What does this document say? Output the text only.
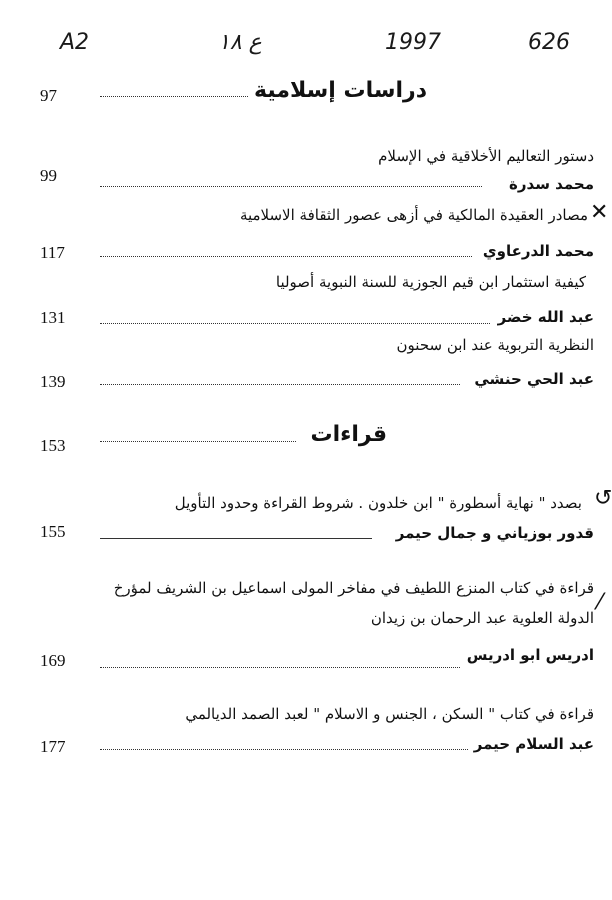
A2	ع ١٨	1997	626
97	دراسات إسلامية
دستور التعاليم الأخلاقية في الإسلام
99	محمد سدرة
✕
مصادر العقيدة المالكية في أزهى عصور الثقافة الاسلامية
117	محمد الدرعاوي
كيفية استثمار ابن قيم الجوزية للسنة النبوية أصوليا
131	عبد الله خضر
النظرية التربوية عند ابن سحنون
139	عبد الحي حنشي
153	قراءات
↺
بصدد " نهاية أسطورة " ابن خلدون . شروط القراءة وحدود التأويل
155	قدور بوزياني و جمال حيمر
⁄
قراءة في كتاب المنزع اللطيف في مفاخر المولى اسماعيل بن الشريف لمؤرخ
الدولة العلوية عبد الرحمان بن زيدان
169	ادريس ابو ادريس
قراءة في كتاب " السكن ، الجنس و الاسلام " لعبد الصمد الديالمي
177	عبد السلام حيمر
